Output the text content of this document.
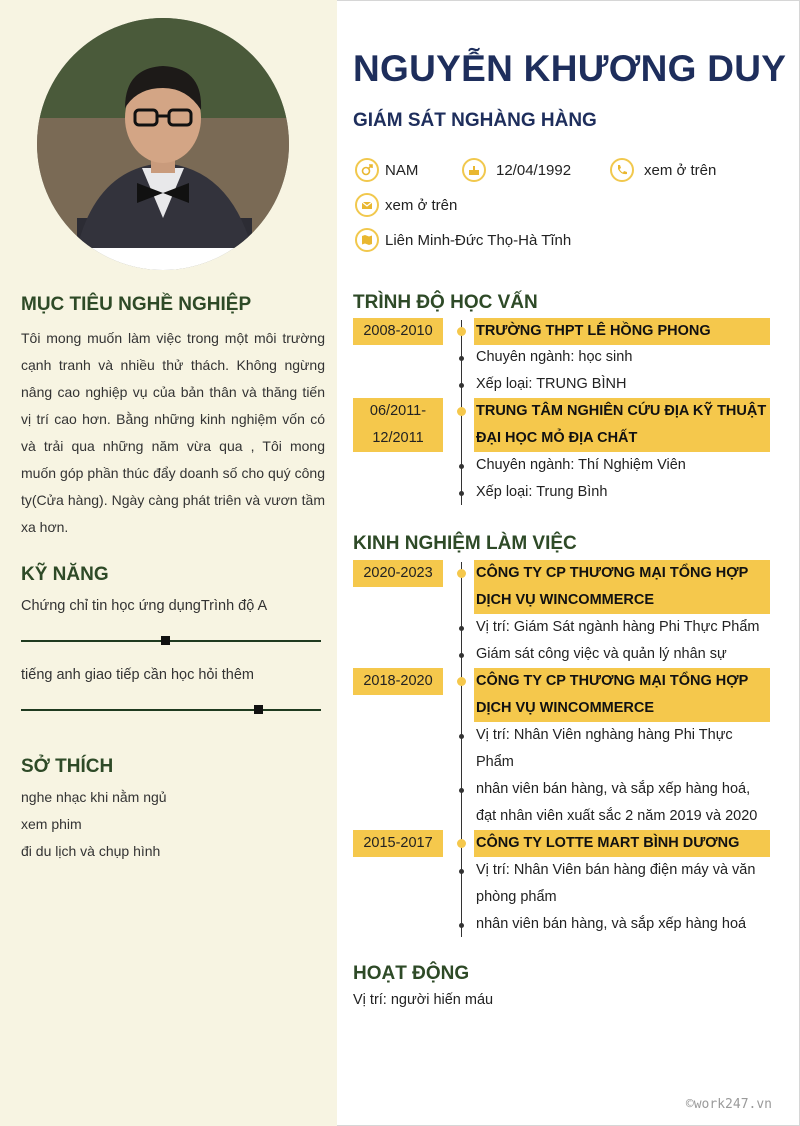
MỤC TIÊU NGHỀ NGHIỆP

Tôi mong muốn làm việc trong một môi trường cạnh tranh và nhiều thử thách. Không ngừng nâng cao nghiệp vụ của bản thân và thăng tiến vị trí cao hơn. Bằng những kinh nghiệm vốn có và trải qua những năm vừa qua , Tôi mong muốn góp phần thúc đẩy doanh số cho quý công ty(Cửa hàng). Ngày càng phát triên và vươn tầm xa hơn.

KỸ NĂNG
Chứng chỉ tin học ứng dụngTrình độ A
tiếng anh giao tiếp cần học hỏi thêm
SỞ THÍCH
nghe nhạc khi nằm ngủ
xem phim
đi du lịch và chụp hình
NGUYỄN KHƯƠNG DUY
GIÁM SÁT NGHÀNG HÀNG
NAM	12/04/1992	xem ở trên
xem ở trên
Liên Minh-Đức Thọ-Hà Tĩnh
TRÌNH ĐỘ HỌC VẤN
2008-2010	TRƯỜNG THPT LÊ HỒNG PHONG
Chuyên ngành: học sinh
Xếp loại: TRUNG BÌNH
06/2011-12/2011
TRUNG TÂM NGHIÊN CỨU ĐỊA KỸ THUẬT ĐẠI HỌC MỎ ĐỊA CHẤT
Chuyên ngành: Thí Nghiệm Viên
Xếp loại: Trung Bình
KINH NGHIỆM LÀM VIỆC
2020-2023	CÔNG TY CP THƯƠNG MẠI TỔNG HỢP DỊCH VỤ WINCOMMERCE
Vị trí: Giám Sát ngành hàng Phi Thực Phẩm
Giám sát công việc và quản lý nhân sự
2018-2020	CÔNG TY CP THƯƠNG MẠI TỔNG HỢP DỊCH VỤ WINCOMMERCE
Vị trí: Nhân Viên nghàng hàng Phi Thực Phẩm
nhân viên bán hàng, và sắp xếp hàng hoá, đạt nhân viên xuất sắc 2 năm 2019 và 2020
2015-2017	CÔNG TY LOTTE MART BÌNH DƯƠNG
Vị trí: Nhân Viên bán hàng điện máy và văn phòng phẩm
nhân viên bán hàng, và sắp xếp hàng hoá
HOẠT ĐỘNG
Vị trí: người hiến máu
©work247.vn
